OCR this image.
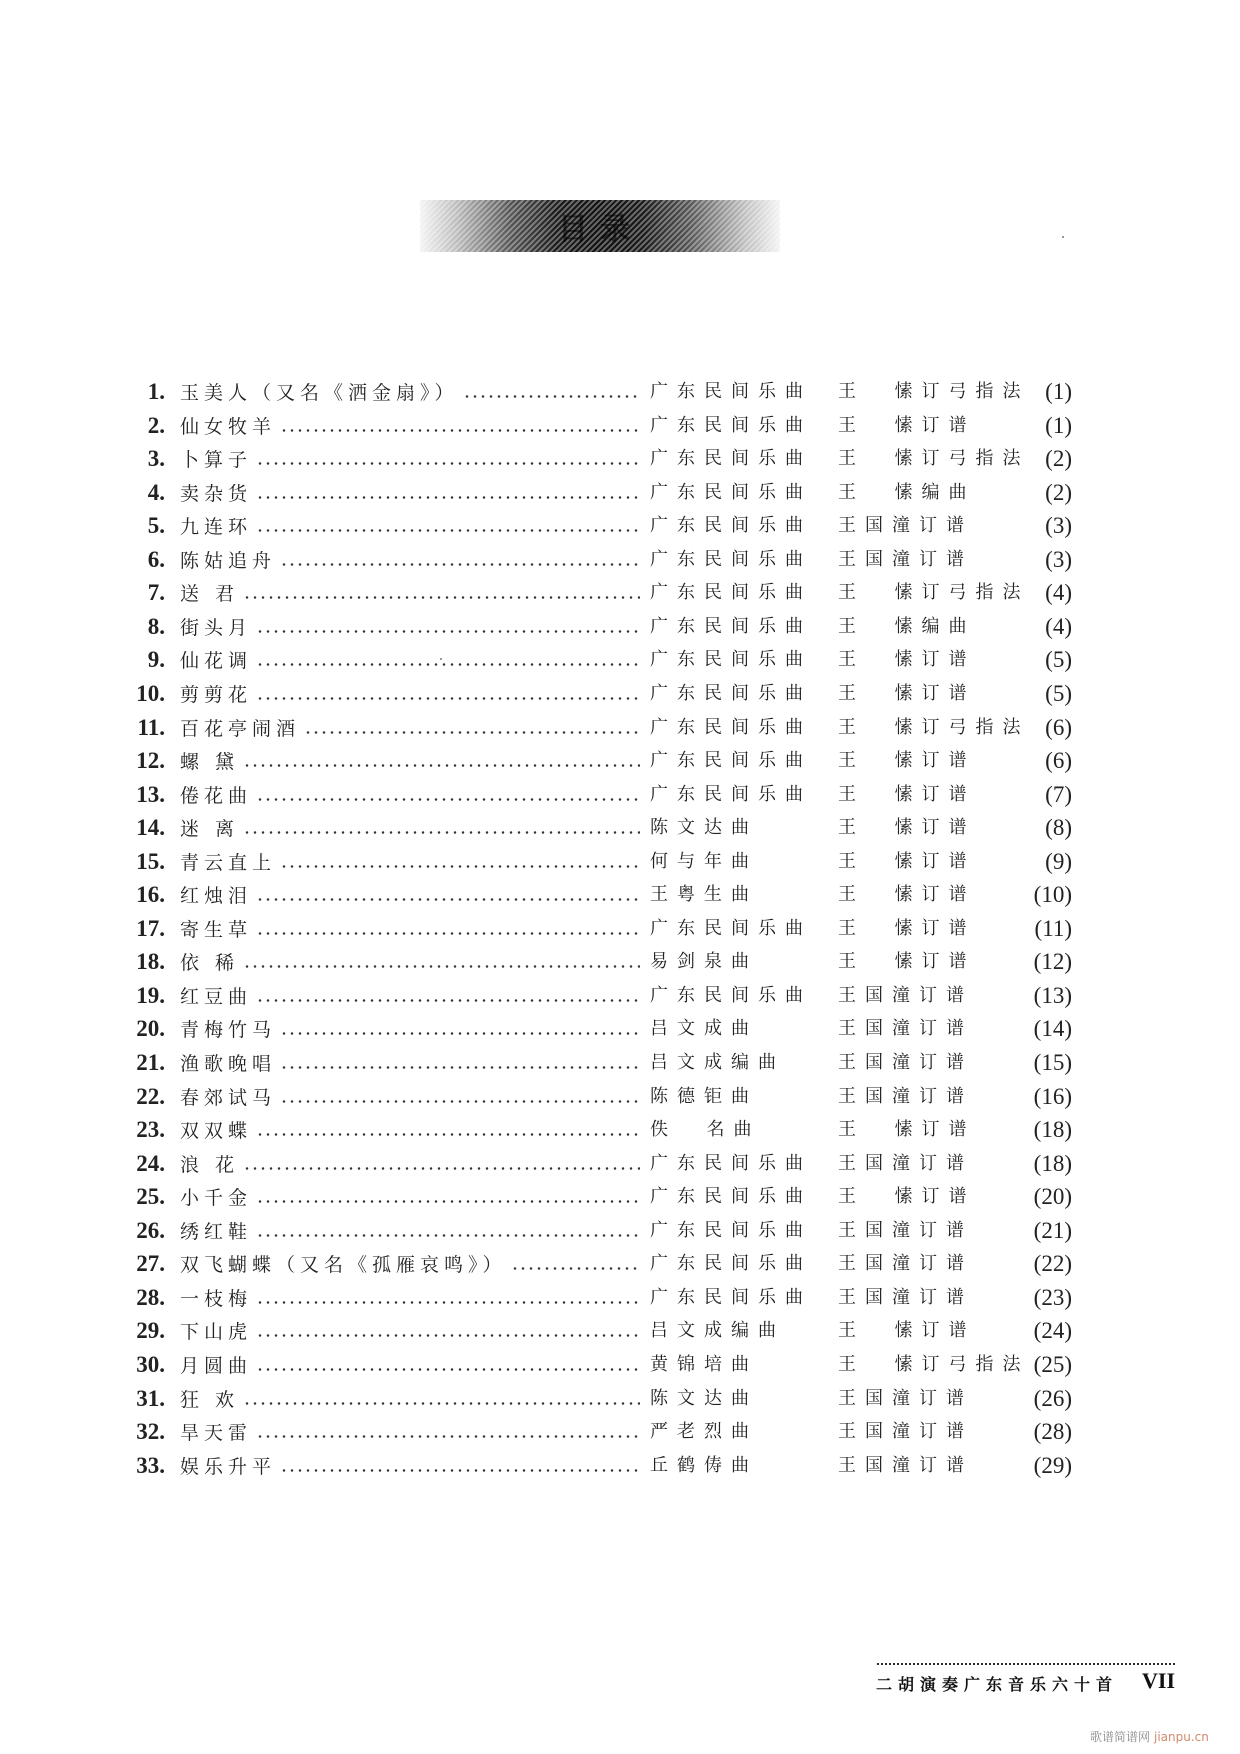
目录
1. 玉美人（又名《洒金扇》）	广东民间乐曲 王  愫订弓指法 (1)
2. 仙女牧羊	广东民间乐曲 王  愫订谱	(1)
3. 卜算子	广东民间乐曲 王  愫订弓指法 (2)
4. 卖杂货	广东民间乐曲 王  愫编曲	(2)
5. 九连环	广东民间乐曲 王国潼订谱	(3)
6. 陈姑追舟	广东民间乐曲 王国潼订谱	(3)
7. 送 君	广东民间乐曲 王  愫订弓指法 (4)
8. 街头月	广东民间乐曲 王  愫编曲	(4)
9. 仙花调	广东民间乐曲 王  愫订谱	(5)
10. 剪剪花	广东民间乐曲 王  愫订谱	(5)
11. 百花亭闹酒	广东民间乐曲 王  愫订弓指法 (6)
12. 螺 黛	广东民间乐曲 王  愫订谱	(6)
13. 倦花曲	广东民间乐曲 王  愫订谱	(7)
14. 迷 离	陈文达曲	王  愫订谱	(8)
15. 青云直上	何与年曲	王  愫订谱	(9)
16. 红烛泪	王粤生曲	王  愫订谱	(10)
17. 寄生草	广东民间乐曲 王  愫订谱	(11)
18. 依 稀	易剑泉曲	王  愫订谱	(12)
19. 红豆曲	广东民间乐曲 王国潼订谱	(13)
20. 青梅竹马	吕文成曲	王国潼订谱	(14)
21. 渔歌晚唱	吕文成编曲	王国潼订谱	(15)
22. 春郊试马	陈德钜曲	王国潼订谱	(16)
23. 双双蝶	佚  名曲	王  愫订谱	(18)
24. 浪 花	广东民间乐曲 王国潼订谱	(18)
25. 小千金	广东民间乐曲 王  愫订谱	(20)
26. 绣红鞋	广东民间乐曲 王国潼订谱	(21)
27. 双飞蝴蝶（又名《孤雁哀鸣》）	广东民间乐曲 王国潼订谱	(22)
28. 一枝梅	广东民间乐曲 王国潼订谱	(23)
29. 下山虎	吕文成编曲	王  愫订谱	(24)
30. 月圆曲	黄锦培曲	王  愫订弓指法 (25)
31. 狂 欢	陈文达曲	王国潼订谱	(26)
32. 旱天雷	严老烈曲	王国潼订谱	(28)
33. 娱乐升平	丘鹤俦曲	王国潼订谱	(29)
二胡演奏广东音乐六十首 VII
歌谱简谱网 jianpu.cn
